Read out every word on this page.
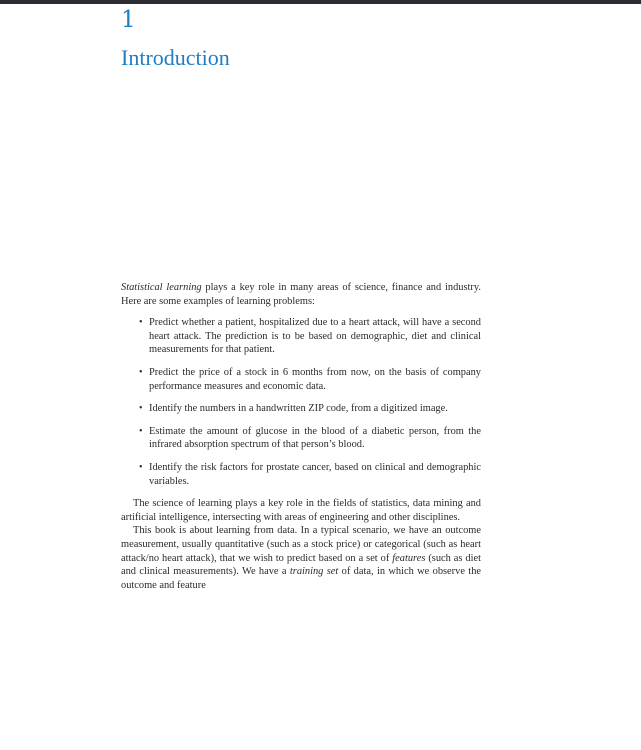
1
Introduction

Statistical learning plays a key role in many areas of science, finance and industry. Here are some examples of learning problems:

• Predict whether a patient, hospitalized due to a heart attack, will have a second heart attack. The prediction is to be based on demographic, diet and clinical measurements for that patient.
• Predict the price of a stock in 6 months from now, on the basis of company performance measures and economic data.
• Identify the numbers in a handwritten ZIP code, from a digitized image.
• Estimate the amount of glucose in the blood of a diabetic person, from the infrared absorption spectrum of that person’s blood.
• Identify the risk factors for prostate cancer, based on clinical and demographic variables.

The science of learning plays a key role in the fields of statistics, data mining and artificial intelligence, intersecting with areas of engineering and other disciplines.

This book is about learning from data. In a typical scenario, we have an outcome measurement, usually quantitative (such as a stock price) or categorical (such as heart attack/no heart attack), that we wish to predict based on a set of features (such as diet and clinical measurements). We have a training set of data, in which we observe the outcome and feature
